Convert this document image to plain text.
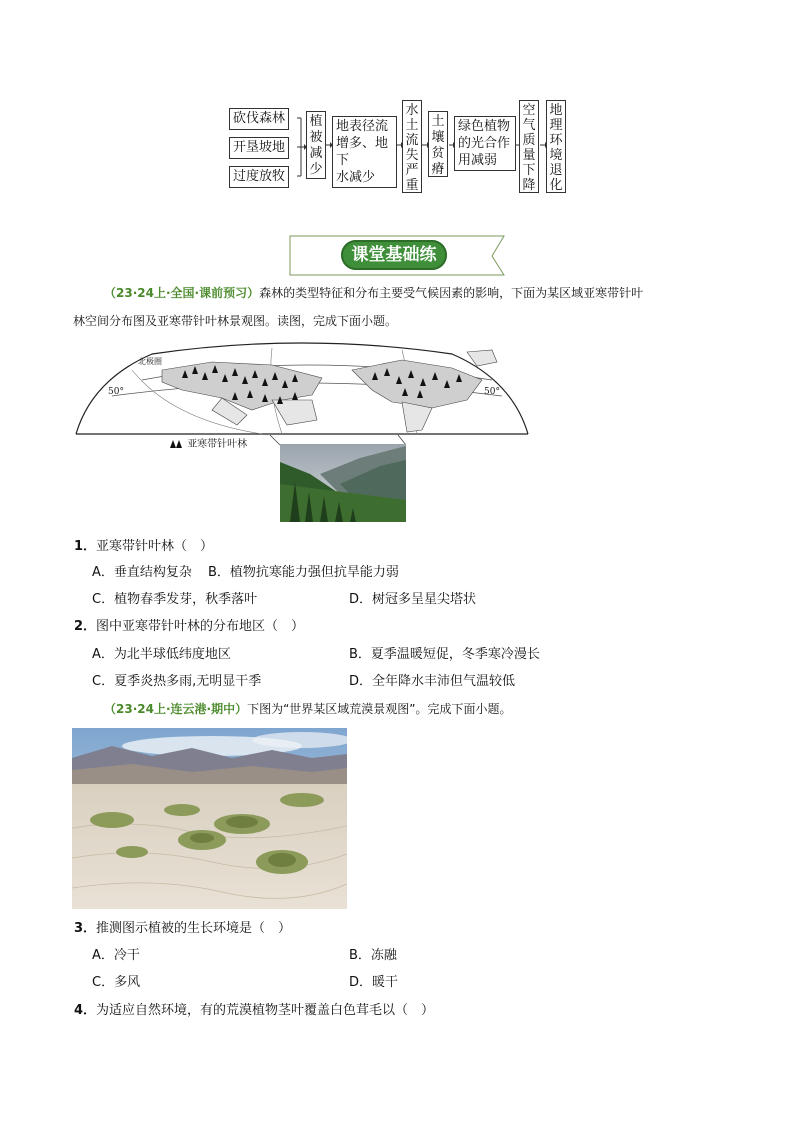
砍伐森林
开垦坡地
过度放牧
植被减少
地表径流
增多、地下
水减少
水土流失严重
土壤贫瘠
绿色植物
的光合作
用减弱
空气质量下降
地理环境退化
课堂基础练
（23·24上·全国·课前预习）森林的类型特征和分布主要受气候因素的影响，下面为某区域亚寒带针叶
林空间分布图及亚寒带针叶林景观图。读图，完成下面小题。
50°	50°
北极圈
亚寒带针叶林
1．亚寒带针叶林（　）
A．垂直结构复杂 B．植物抗寒能力强但抗旱能力弱
C．植物春季发芽，秋季落叶	D．树冠多呈星尖塔状
2．图中亚寒带针叶林的分布地区（　）
A．为北半球低纬度地区	B．夏季温暖短促，冬季寒冷漫长
C．夏季炎热多雨,无明显干季	D．全年降水丰沛但气温较低
（23·24上·连云港·期中）下图为“世界某区域荒漠景观图”。完成下面小题。
3．推测图示植被的生长环境是（　）
A．冷干	B．冻融
C．多风	D．暖干
4．为适应自然环境，有的荒漠植物茎叶覆盖白色茸毛以（　）
